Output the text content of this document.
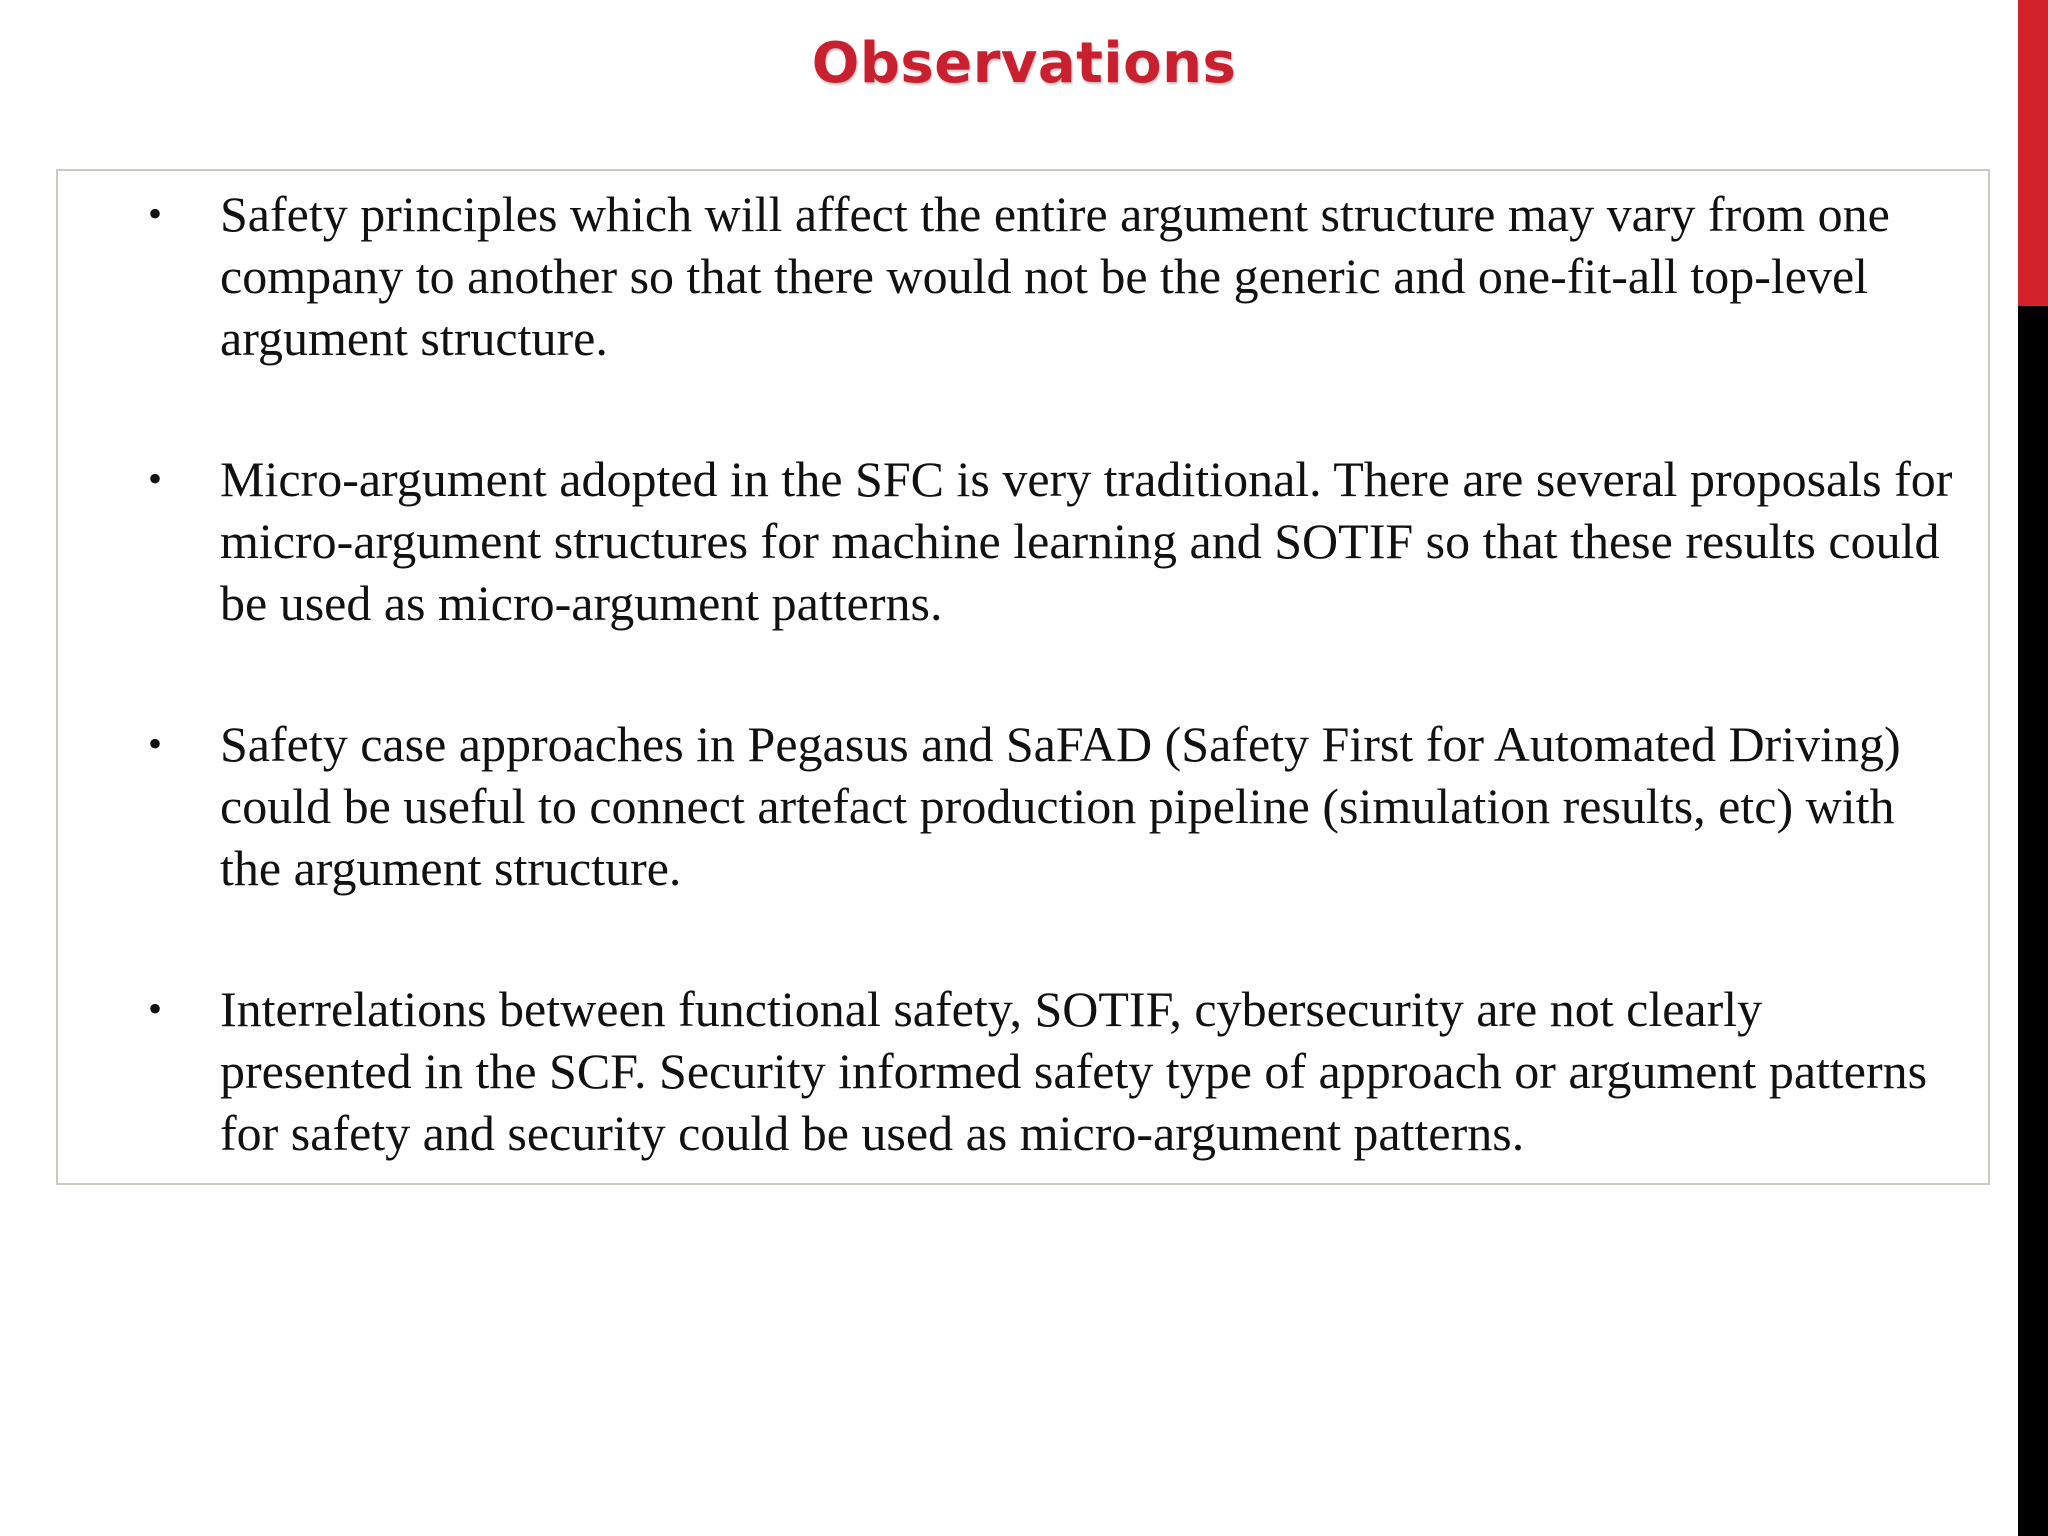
Observations
• Safety principles which will affect the entire argument structure may vary from one company to another so that there would not be the generic and one-fit-all top-level argument structure.
• Micro-argument adopted in the SFC is very traditional. There are several proposals for micro-argument structures for machine learning and SOTIF so that these results could be used as micro-argument patterns.
• Safety case approaches in Pegasus and SaFAD (Safety First for Automated Driving) could be useful to connect artefact production pipeline (simulation results, etc) with the argument structure.
• Interrelations between functional safety, SOTIF, cybersecurity are not clearly presented in the SCF. Security informed safety type of approach or argument patterns for safety and security could be used as micro-argument patterns.
